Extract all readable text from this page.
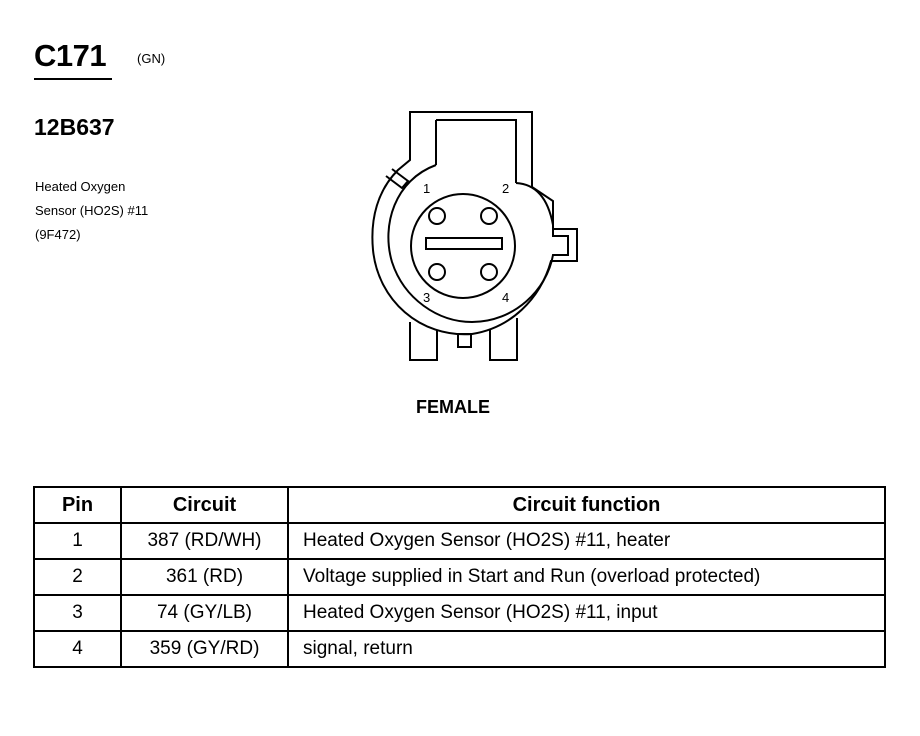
C171 (GN)
12B637
Heated Oxygen
Sensor (HO2S) #11
(9F472)
1	2
3	4
FEMALE
Pin	Circuit	Circuit function
1	387 (RD/WH)	Heated Oxygen Sensor (HO2S) #11, heater
2	361 (RD)	Voltage supplied in Start and Run (overload protected)
3	74 (GY/LB)	Heated Oxygen Sensor (HO2S) #11, input
4	359 (GY/RD)	signal, return
